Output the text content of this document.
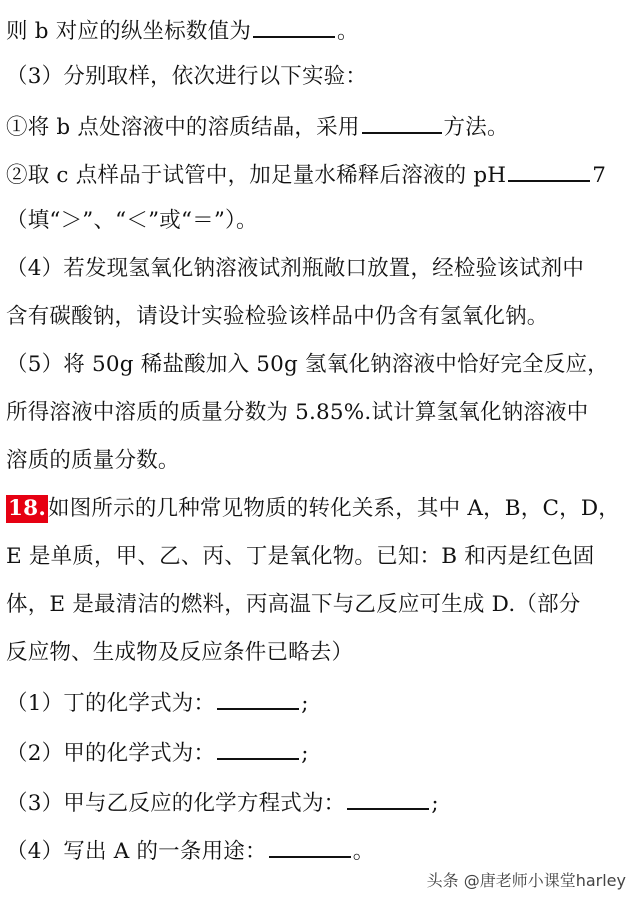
则 b 对应的纵坐标数值为	。
（3）分别取样，依次进行以下实验：
①将 b 点处溶液中的溶质结晶，采用	方法。
②取 c 点样品于试管中，加足量水稀释后溶液的 pH	7
（填“＞”、“＜”或“＝”）。
（4）若发现氢氧化钠溶液试剂瓶敞口放置，经检验该试剂中
含有碳酸钠，请设计实验检验该样品中仍含有氢氧化钠。
（5）将 50g 稀盐酸加入 50g 氢氧化钠溶液中恰好完全反应，
所得溶液中溶质的质量分数为 5.85%.试计算氢氧化钠溶液中
溶质的质量分数。
18.如图所示的几种常见物质的转化关系，其中 A，B，C，D，
E 是单质，甲、乙、丙、丁是氧化物。已知：B 和丙是红色固
体，E 是最清洁的燃料，丙高温下与乙反应可生成 D.（部分
反应物、生成物及反应条件已略去）
（1）丁的化学式为：	;
（2）甲的化学式为：	;
（3）甲与乙反应的化学方程式为：	;
（4）写出 A 的一条用途：	。
头条 @唐老师小课堂harley
